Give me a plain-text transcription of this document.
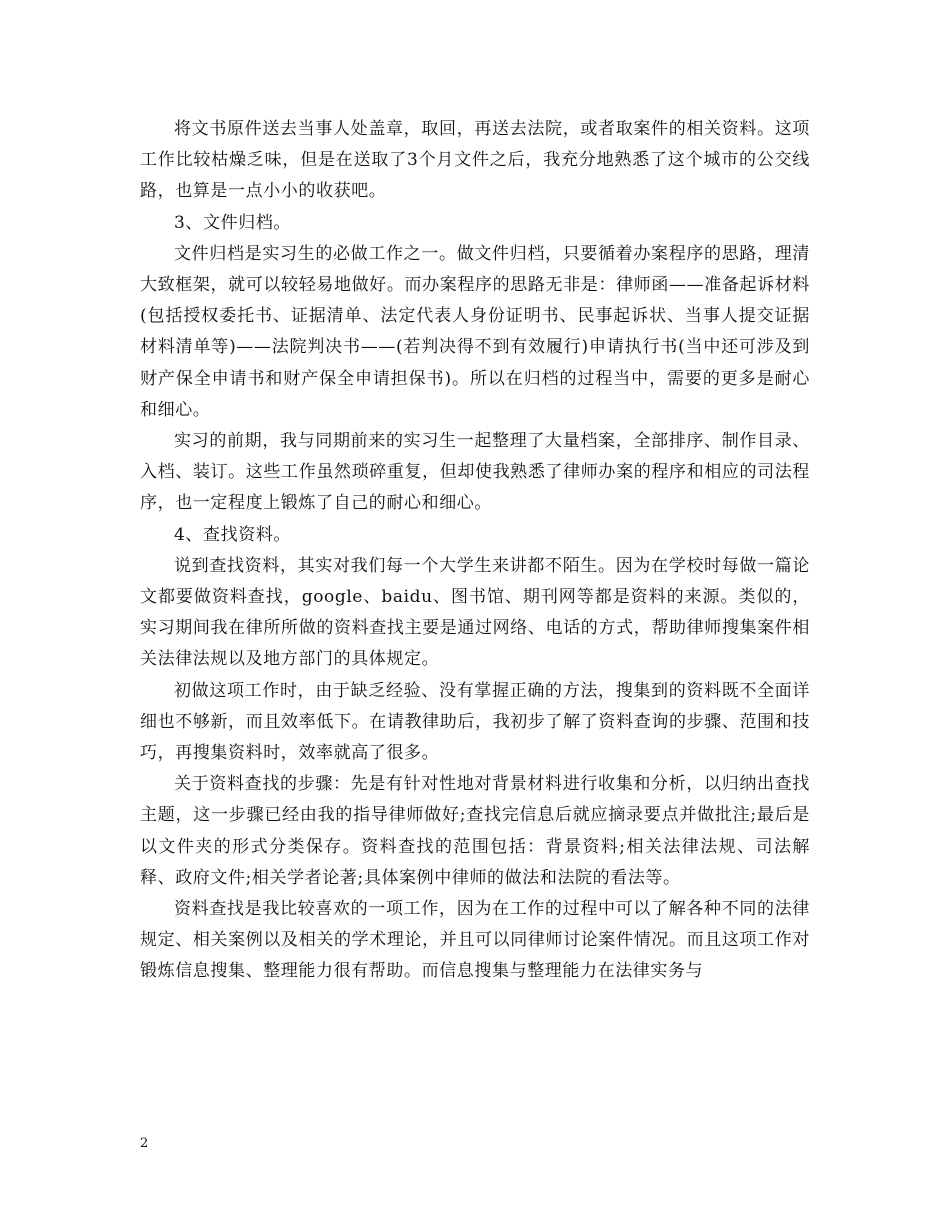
将文书原件送去当事人处盖章，取回，再送去法院，或者取案件的相关资料。这项工作比较枯燥乏味，但是在送取了3个月文件之后，我充分地熟悉了这个城市的公交线路，也算是一点小小的收获吧。

3、文件归档。

文件归档是实习生的必做工作之一。做文件归档，只要循着办案程序的思路，理清大致框架，就可以较轻易地做好。而办案程序的思路无非是：律师函——准备起诉材料(包括授权委托书、证据清单、法定代表人身份证明书、民事起诉状、当事人提交证据材料清单等)——法院判决书——(若判决得不到有效履行)申请执行书(当中还可涉及到财产保全申请书和财产保全申请担保书)。所以在归档的过程当中，需要的更多是耐心和细心。

实习的前期，我与同期前来的实习生一起整理了大量档案，全部排序、制作目录、入档、装订。这些工作虽然琐碎重复，但却使我熟悉了律师办案的程序和相应的司法程序，也一定程度上锻炼了自己的耐心和细心。

4、查找资料。

说到查找资料，其实对我们每一个大学生来讲都不陌生。因为在学校时每做一篇论文都要做资料查找，google、baidu、图书馆、期刊网等都是资料的来源。类似的，实习期间我在律所所做的资料查找主要是通过网络、电话的方式，帮助律师搜集案件相关法律法规以及地方部门的具体规定。

初做这项工作时，由于缺乏经验、没有掌握正确的方法，搜集到的资料既不全面详细也不够新，而且效率低下。在请教律助后，我初步了解了资料查询的步骤、范围和技巧，再搜集资料时，效率就高了很多。

关于资料查找的步骤：先是有针对性地对背景材料进行收集和分析，以归纳出查找主题，这一步骤已经由我的指导律师做好;查找完信息后就应摘录要点并做批注;最后是以文件夹的形式分类保存。资料查找的范围包括：背景资料;相关法律法规、司法解释、政府文件;相关学者论著;具体案例中律师的做法和法院的看法等。

资料查找是我比较喜欢的一项工作，因为在工作的过程中可以了解各种不同的法律规定、相关案例以及相关的学术理论，并且可以同律师讨论案件情况。而且这项工作对锻炼信息搜集、整理能力很有帮助。而信息搜集与整理能力在法律实务与

2
